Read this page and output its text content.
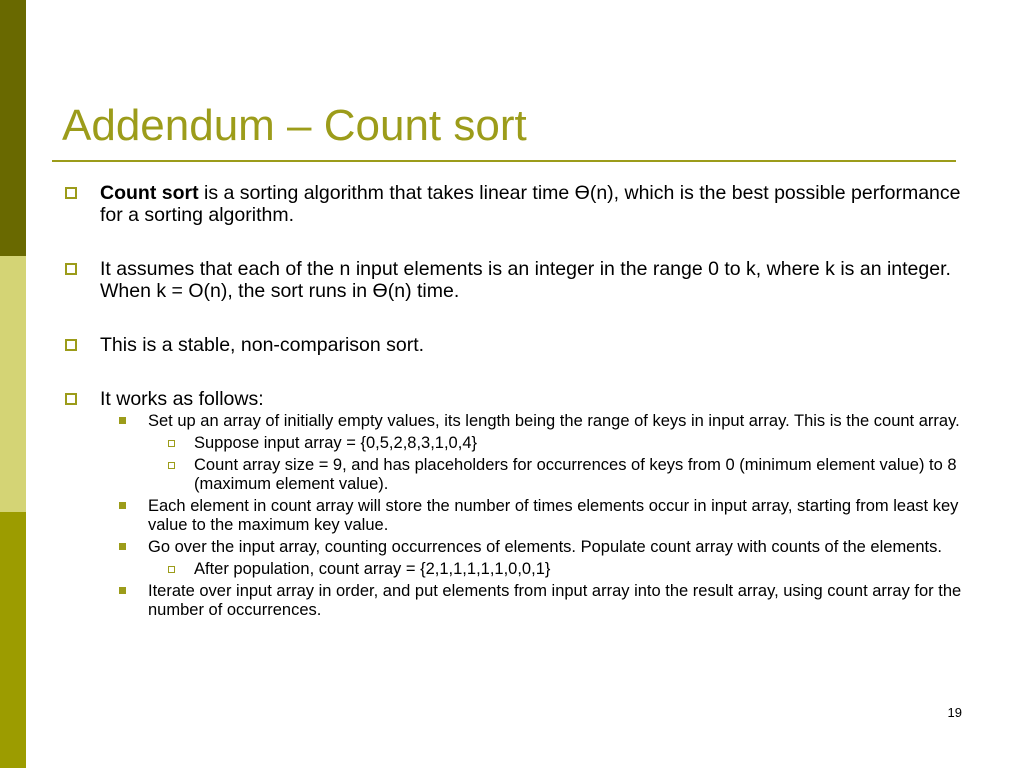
Addendum – Count sort
Count sort is a sorting algorithm that takes linear time Ө(n), which is the best possible performance for a sorting algorithm.
It assumes that each of the n input elements is an integer in the range 0 to k, where k is an integer. When k = O(n), the sort runs in Ө(n) time.
This is a stable, non-comparison sort.
It works as follows:
Set up an array of initially empty values, its length being the range of keys in input array. This is the count array.
Suppose input array = {0,5,2,8,3,1,0,4}
Count array size = 9, and has placeholders for occurrences of keys from 0 (minimum element value) to 8 (maximum element value).
Each element in count array will store the number of times elements occur in input array, starting from least key value to the maximum key value.
Go over the input array, counting occurrences of elements. Populate count array with counts of the elements.
After population, count array = {2,1,1,1,1,1,0,0,1}
Iterate over input array in order, and put elements from input array into the result array, using count array for the number of occurrences.
19
